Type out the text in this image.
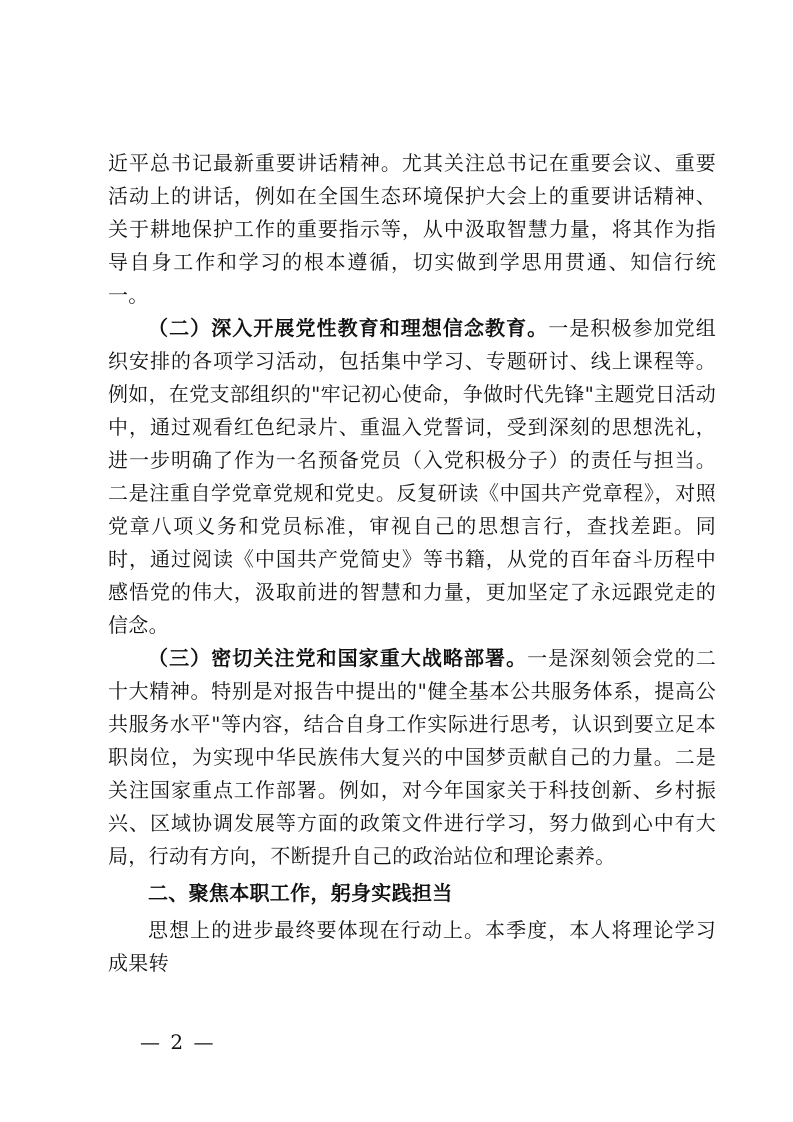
近平总书记最新重要讲话精神。尤其关注总书记在重要会议、重要活动上的讲话，例如在全国生态环境保护大会上的重要讲话精神、关于耕地保护工作的重要指示等，从中汲取智慧力量，将其作为指导自身工作和学习的根本遵循，切实做到学思用贯通、知信行统一。

（二）深入开展党性教育和理想信念教育。一是积极参加党组织安排的各项学习活动，包括集中学习、专题研讨、线上课程等。例如，在党支部组织的"牢记初心使命，争做时代先锋"主题党日活动中，通过观看红色纪录片、重温入党誓词，受到深刻的思想洗礼，进一步明确了作为一名预备党员（入党积极分子）的责任与担当。二是注重自学党章党规和党史。反复研读《中国共产党章程》，对照党章八项义务和党员标准，审视自己的思想言行，查找差距。同时，通过阅读《中国共产党简史》等书籍，从党的百年奋斗历程中感悟党的伟大，汲取前进的智慧和力量，更加坚定了永远跟党走的信念。

（三）密切关注党和国家重大战略部署。一是深刻领会党的二十大精神。特别是对报告中提出的"健全基本公共服务体系，提高公共服务水平"等内容，结合自身工作实际进行思考，认识到要立足本职岗位，为实现中华民族伟大复兴的中国梦贡献自己的力量。二是关注国家重点工作部署。例如，对今年国家关于科技创新、乡村振兴、区域协调发展等方面的政策文件进行学习，努力做到心中有大局，行动有方向，不断提升自己的政治站位和理论素养。

二、聚焦本职工作，躬身实践担当

思想上的进步最终要体现在行动上。本季度，本人将理论学习成果转

— 2 —
